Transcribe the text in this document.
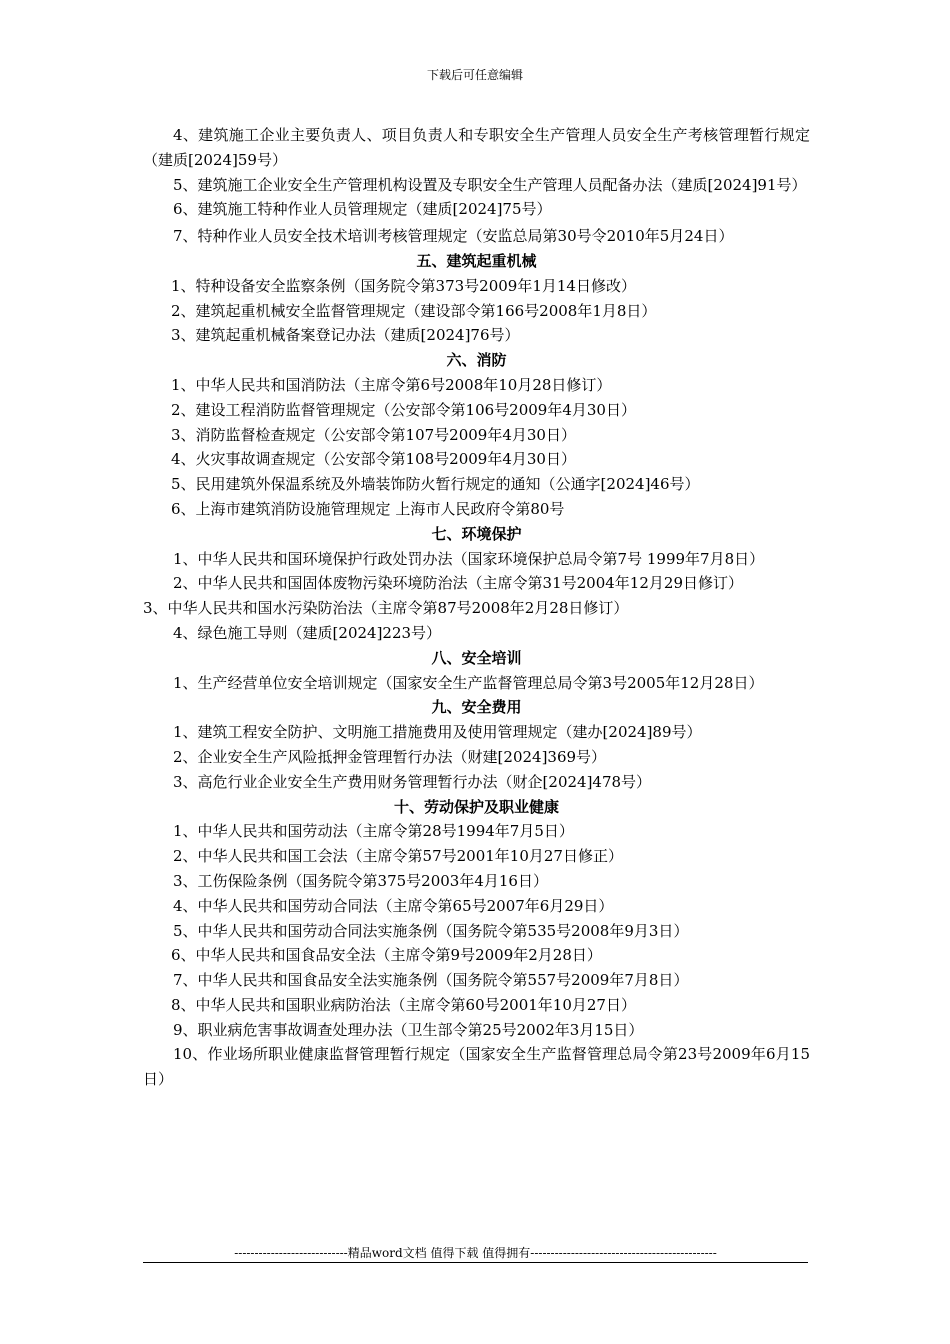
下载后可任意编辑

4、建筑施工企业主要负责人、项目负责人和专职安全生产管理人员安全生产考核管理暂行规定（建质[2024]59号）

5、建筑施工企业安全生产管理机构设置及专职安全生产管理人员配备办法（建质[2024]91号）

6、建筑施工特种作业人员管理规定（建质[2024]75号）

7、特种作业人员安全技术培训考核管理规定（安监总局第30号令2010年5月24日）

五、建筑起重机械

1、特种设备安全监察条例（国务院令第373号2009年1月14日修改）

2、建筑起重机械安全监督管理规定（建设部令第166号2008年1月8日）

3、建筑起重机械备案登记办法（建质[2024]76号）

六、消防

1、中华人民共和国消防法（主席令第6号2008年10月28日修订）

2、建设工程消防监督管理规定（公安部令第106号2009年4月30日）

3、消防监督检查规定（公安部令第107号2009年4月30日）

4、火灾事故调查规定（公安部令第108号2009年4月30日）

5、民用建筑外保温系统及外墙装饰防火暂行规定的通知（公通字[2024]46号）

6、上海市建筑消防设施管理规定 上海市人民政府令第80号

七、环境保护

1、中华人民共和国环境保护行政处罚办法（国家环境保护总局令第7号 1999年7月8日）

2、中华人民共和国固体废物污染环境防治法（主席令第31号2004年12月29日修订）

3、中华人民共和国水污染防治法（主席令第87号2008年2月28日修订）

4、绿色施工导则（建质[2024]223号）

八、安全培训

1、生产经营单位安全培训规定（国家安全生产监督管理总局令第3号2005年12月28日）

九、安全费用

1、建筑工程安全防护、文明施工措施费用及使用管理规定（建办[2024]89号）

2、企业安全生产风险抵押金管理暂行办法（财建[2024]369号）

3、高危行业企业安全生产费用财务管理暂行办法（财企[2024]478号）

十、劳动保护及职业健康

1、中华人民共和国劳动法（主席令第28号1994年7月5日）

2、中华人民共和国工会法（主席令第57号2001年10月27日修正）

3、工伤保险条例（国务院令第375号2003年4月16日）

4、中华人民共和国劳动合同法（主席令第65号2007年6月29日）

5、中华人民共和国劳动合同法实施条例（国务院令第535号2008年9月3日）

6、中华人民共和国食品安全法（主席令第9号2009年2月28日）

7、中华人民共和国食品安全法实施条例（国务院令第557号2009年7月8日）

8、中华人民共和国职业病防治法（主席令第60号2001年10月27日）

9、职业病危害事故调查处理办法（卫生部令第25号2002年3月15日）

10、作业场所职业健康监督管理暂行规定（国家安全生产监督管理总局令第23号2009年6月15日）

----------------------------精品word文档 值得下载 值得拥有----------------------------------------------
